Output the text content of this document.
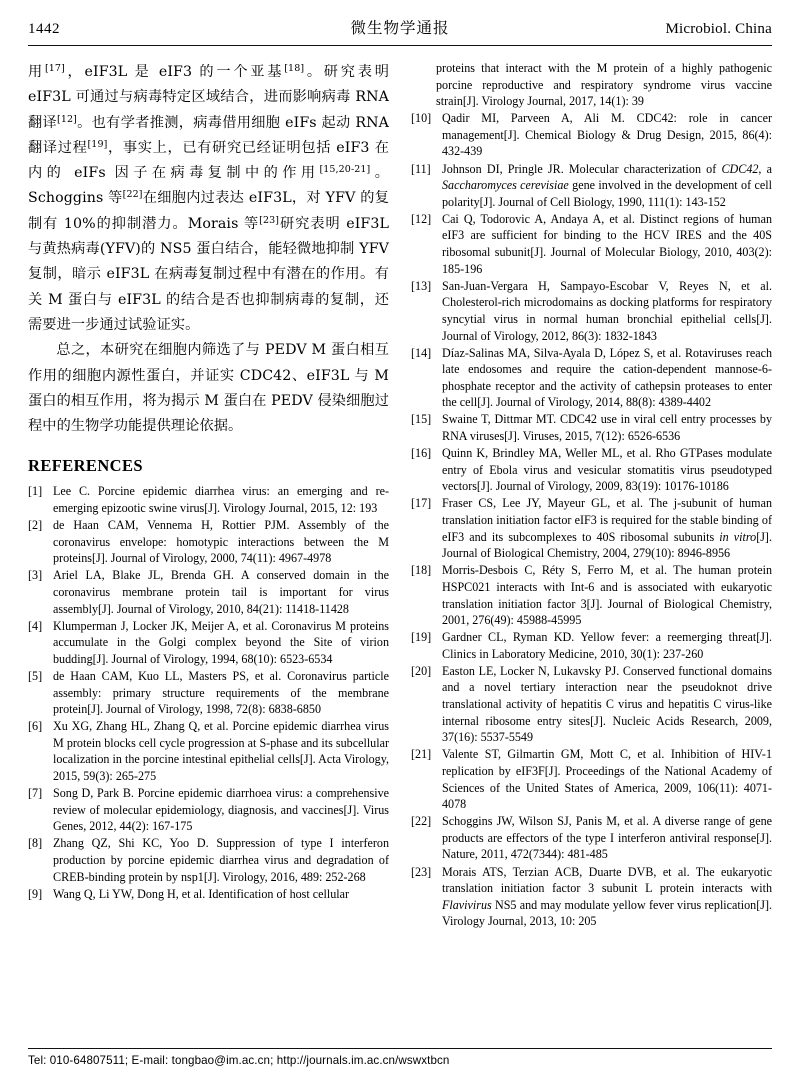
1442	微生物学通报	Microbiol. China

用[17]，eIF3L 是 eIF3 的一个亚基[18]。研究表明 eIF3L 可通过与病毒特定区域结合，进而影响病毒 RNA 翻译[12]。也有学者推测，病毒借用细胞 eIFs 起动 RNA 翻译过程[19]，事实上，已有研究已经证明包括 eIF3 在内的 eIFs 因子在病毒复制中的作用[15,20-21]。Schoggins 等[22]在细胞内过表达 eIF3L，对 YFV 的复制有 10%的抑制潜力。Morais 等[23]研究表明 eIF3L 与黄热病毒(YFV)的 NS5 蛋白结合，能轻微地抑制 YFV 复制，暗示 eIF3L 在病毒复制过程中有潜在的作用。有关 M 蛋白与 eIF3L 的结合是否也抑制病毒的复制，还需要进一步通过试验证实。

总之，本研究在细胞内筛选了与 PEDV M 蛋白相互作用的细胞内源性蛋白，并证实 CDC42、eIF3L 与 M 蛋白的相互作用，将为揭示 M 蛋白在 PEDV 侵染细胞过程中的生物学功能提供理论依据。

REFERENCES
[1] Lee C. Porcine epidemic diarrhea virus: an emerging and re-emerging epizootic swine virus[J]. Virology Journal, 2015, 12: 193
[2] de Haan CAM, Vennema H, Rottier PJM. Assembly of the coronavirus envelope: homotypic interactions between the M proteins[J]. Journal of Virology, 2000, 74(11): 4967-4978
[3] Ariel LA, Blake JL, Brenda GH. A conserved domain in the coronavirus membrane protein tail is important for virus assembly[J]. Journal of Virology, 2010, 84(21): 11418-11428
[4] Klumperman J, Locker JK, Meijer A, et al. Coronavirus M proteins accumulate in the Golgi complex beyond the Site of virion budding[J]. Journal of Virology, 1994, 68(10): 6523-6534
[5] de Haan CAM, Kuo LL, Masters PS, et al. Coronavirus particle assembly: primary structure requirements of the membrane protein[J]. Journal of Virology, 1998, 72(8): 6838-6850
[6] Xu XG, Zhang HL, Zhang Q, et al. Porcine epidemic diarrhea virus M protein blocks cell cycle progression at S-phase and its subcellular localization in the porcine intestinal epithelial cells[J]. Acta Virology, 2015, 59(3): 265-275
[7] Song D, Park B. Porcine epidemic diarrhoea virus: a comprehensive review of molecular epidemiology, diagnosis, and vaccines[J]. Virus Genes, 2012, 44(2): 167-175
[8] Zhang QZ, Shi KC, Yoo D. Suppression of type I interferon production by porcine epidemic diarrhea virus and degradation of CREB-binding protein by nsp1[J]. Virology, 2016, 489: 252-268
[9] Wang Q, Li YW, Dong H, et al. Identification of host cellular
proteins that interact with the M protein of a highly pathogenic porcine reproductive and respiratory syndrome virus vaccine strain[J]. Virology Journal, 2017, 14(1): 39
[10] Qadir MI, Parveen A, Ali M. CDC42: role in cancer management[J]. Chemical Biology & Drug Design, 2015, 86(4): 432-439
[11] Johnson DI, Pringle JR. Molecular characterization of CDC42, a Saccharomyces cerevisiae gene involved in the development of cell polarity[J]. Journal of Cell Biology, 1990, 111(1): 143-152
[12] Cai Q, Todorovic A, Andaya A, et al. Distinct regions of human eIF3 are sufficient for binding to the HCV IRES and the 40S ribosomal subunit[J]. Journal of Molecular Biology, 2010, 403(2): 185-196
[13] San-Juan-Vergara H, Sampayo-Escobar V, Reyes N, et al. Cholesterol-rich microdomains as docking platforms for respiratory syncytial virus in normal human bronchial epithelial cells[J]. Journal of Virology, 2012, 86(3): 1832-1843
[14] Díaz-Salinas MA, Silva-Ayala D, López S, et al. Rotaviruses reach late endosomes and require the cation-dependent mannose-6-phosphate receptor and the activity of cathepsin proteases to enter the cell[J]. Journal of Virology, 2014, 88(8): 4389-4402
[15] Swaine T, Dittmar MT. CDC42 use in viral cell entry processes by RNA viruses[J]. Viruses, 2015, 7(12): 6526-6536
[16] Quinn K, Brindley MA, Weller ML, et al. Rho GTPases modulate entry of Ebola virus and vesicular stomatitis virus pseudotyped vectors[J]. Journal of Virology, 2009, 83(19): 10176-10186
[17] Fraser CS, Lee JY, Mayeur GL, et al. The j-subunit of human translation initiation factor eIF3 is required for the stable binding of eIF3 and its subcomplexes to 40S ribosomal subunits in vitro[J]. Journal of Biological Chemistry, 2004, 279(10): 8946-8956
[18] Morris-Desbois C, Réty S, Ferro M, et al. The human protein HSPC021 interacts with Int-6 and is associated with eukaryotic translation initiation factor 3[J]. Journal of Biological Chemistry, 2001, 276(49): 45988-45995
[19] Gardner CL, Ryman KD. Yellow fever: a reemerging threat[J]. Clinics in Laboratory Medicine, 2010, 30(1): 237-260
[20] Easton LE, Locker N, Lukavsky PJ. Conserved functional domains and a novel tertiary interaction near the pseudoknot drive translational activity of hepatitis C virus and hepatitis C virus-like internal ribosome entry sites[J]. Nucleic Acids Research, 2009, 37(16): 5537-5549
[21] Valente ST, Gilmartin GM, Mott C, et al. Inhibition of HIV-1 replication by eIF3F[J]. Proceedings of the National Academy of Sciences of the United States of America, 2009, 106(11): 4071-4078
[22] Schoggins JW, Wilson SJ, Panis M, et al. A diverse range of gene products are effectors of the type I interferon antiviral response[J]. Nature, 2011, 472(7344): 481-485
[23] Morais ATS, Terzian ACB, Duarte DVB, et al. The eukaryotic translation initiation factor 3 subunit L protein interacts with Flavivirus NS5 and may modulate yellow fever virus replication[J]. Virology Journal, 2013, 10: 205
Tel: 010-64807511; E-mail: tongbao@im.ac.cn; http://journals.im.ac.cn/wswxtbcn
